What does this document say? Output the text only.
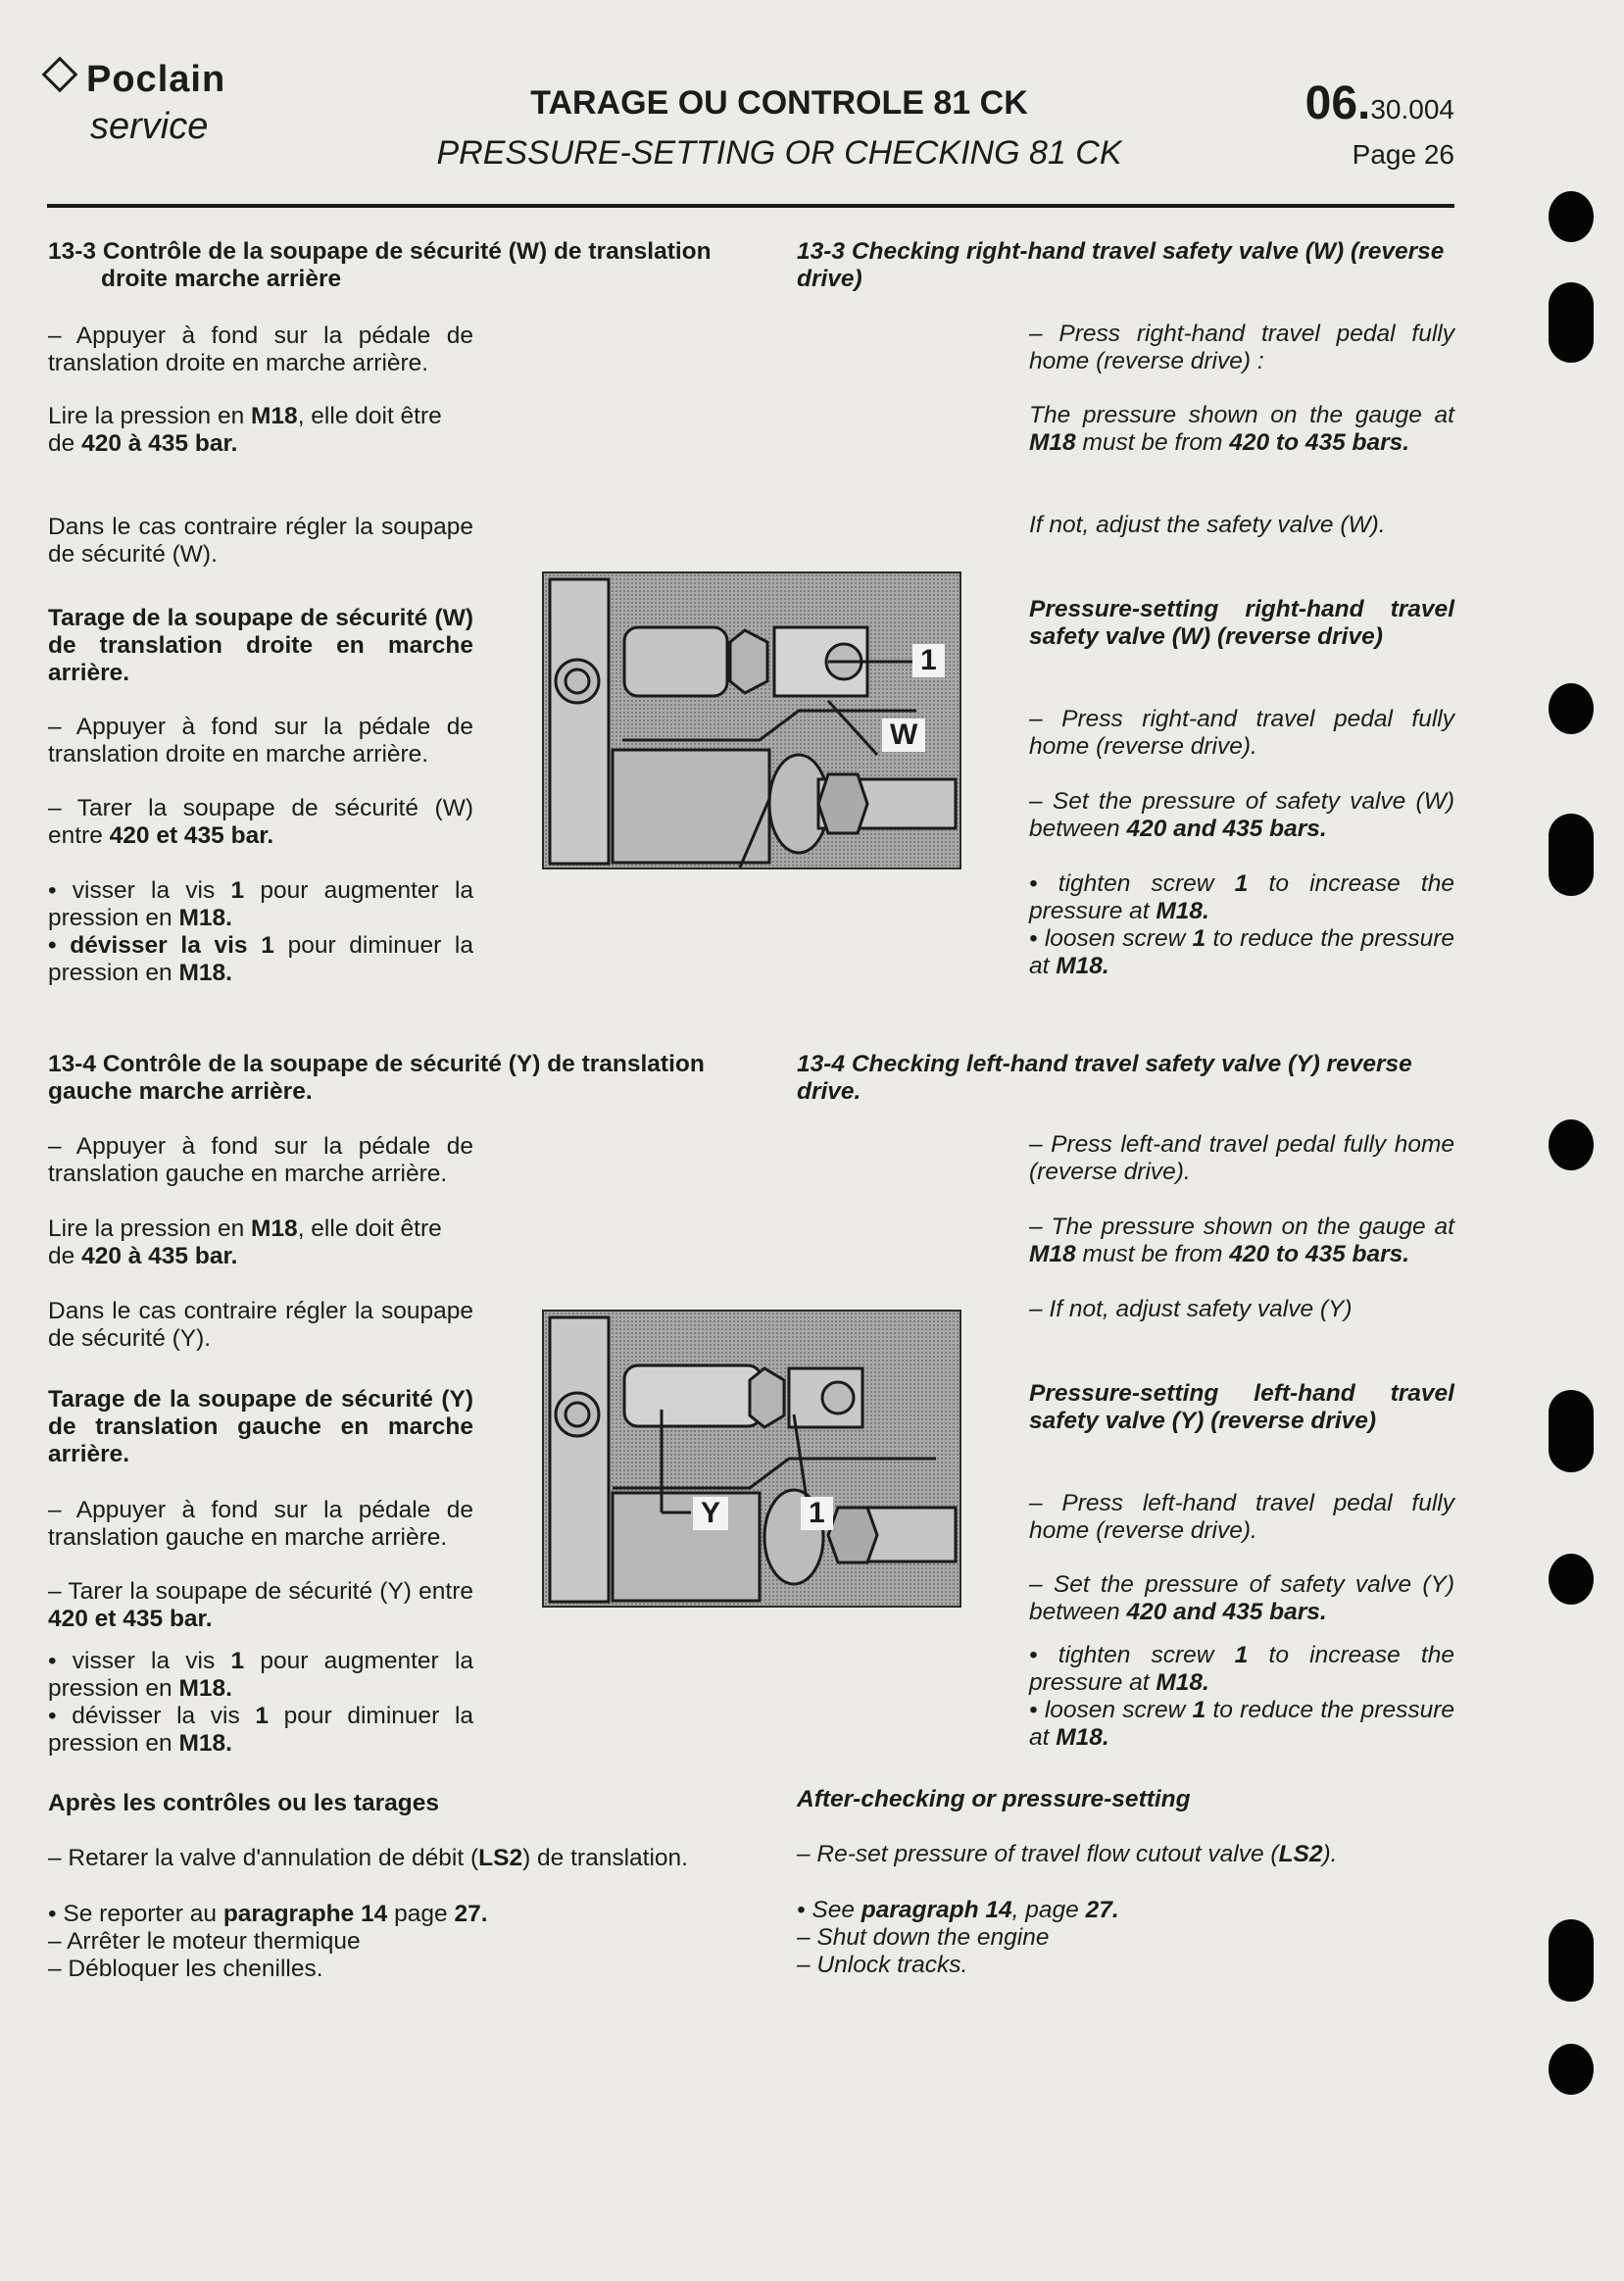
Poclain
service
TARAGE OU CONTROLE 81 CK
PRESSURE-SETTING OR CHECKING 81 CK
06.30.004
Page 26
13-3 Contrôle de la soupape de sécurité (W) de translation
droite marche arrière
– Appuyer à fond sur la pédale de translation droite en marche arrière.
Lire la pression en M18, elle doit être de 420 à 435 bar.
Dans le cas contraire régler la soupape de sécurité (W).
Tarage de la soupape de sécurité (W) de translation droite en marche arrière.
– Appuyer à fond sur la pédale de translation droite en marche arrière.
– Tarer la soupape de sécurité (W) entre 420 et 435 bar.
• visser la vis 1 pour augmenter la pression en M18.
• dévisser la vis 1 pour diminuer la pression en M18.
13-3 Checking right-hand travel safety valve (W) (reverse drive)
– Press right-hand travel pedal fully home (reverse drive) :
The pressure shown on the gauge at M18 must be from 420 to 435 bars.
If not, adjust the safety valve (W).
Pressure-setting right-hand travel safety valve (W) (reverse drive)
– Press right-and travel pedal fully home (reverse drive).
– Set the pressure of safety valve (W) between 420 and 435 bars.
• tighten screw 1 to increase the pressure at M18.
• loosen screw 1 to reduce the pressure at M18.
1
W
13-4 Contrôle de la soupape de sécurité (Y) de translation
gauche marche arrière.
– Appuyer à fond sur la pédale de translation gauche en marche arrière.
Lire la pression en M18, elle doit être de 420 à 435 bar.
Dans le cas contraire régler la soupape de sécurité (Y).
Tarage de la soupape de sécurité (Y) de translation gauche en marche arrière.
– Appuyer à fond sur la pédale de translation gauche en marche arrière.
– Tarer la soupape de sécurité (Y) entre 420 et 435 bar.
• visser la vis 1 pour augmenter la pression en M18.
• dévisser la vis 1 pour diminuer la pression en M18.
13-4 Checking left-hand travel safety valve (Y) reverse drive.
– Press left-and travel pedal fully home (reverse drive).
– The pressure shown on the gauge at M18 must be from 420 to 435 bars.
– If not, adjust safety valve (Y)
Pressure-setting left-hand travel safety valve (Y) (reverse drive)
– Press left-hand travel pedal fully home (reverse drive).
– Set the pressure of safety valve (Y) between 420 and 435 bars.
• tighten screw 1 to increase the pressure at M18.
• loosen screw 1 to reduce the pressure at M18.
Y	1
Après les contrôles ou les tarages
– Retarer la valve d'annulation de débit (LS2) de translation.
• Se reporter au paragraphe 14 page 27.
– Arrêter le moteur thermique
– Débloquer les chenilles.
After-checking or pressure-setting
– Re-set pressure of travel flow cutout valve (LS2).
• See paragraph 14, page 27.
– Shut down the engine
– Unlock tracks.
